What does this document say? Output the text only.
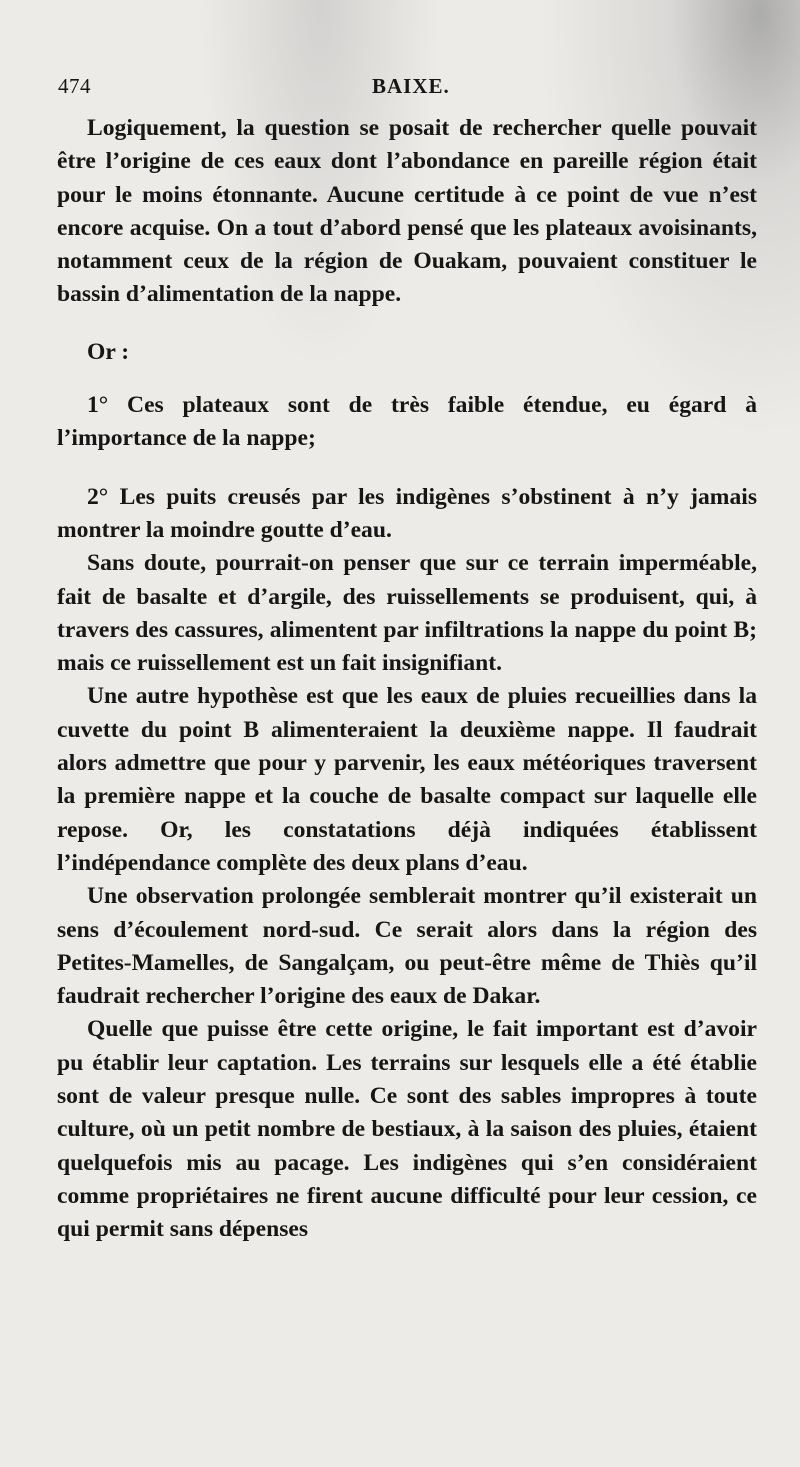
474	BAIXE.

Logiquement, la question se posait de rechercher quelle pouvait être l’origine de ces eaux dont l’abondance en pareille région était pour le moins étonnante. Aucune certitude à ce point de vue n’est encore acquise. On a tout d’abord pensé que les plateaux avoisinants, notamment ceux de la région de Ouakam, pouvaient constituer le bassin d’alimentation de la nappe.

Or :

1° Ces plateaux sont de très faible étendue, eu égard à l’importance de la nappe;

2° Les puits creusés par les indigènes s’obstinent à n’y jamais montrer la moindre goutte d’eau.

Sans doute, pourrait-on penser que sur ce terrain imperméable, fait de basalte et d’argile, des ruissellements se produisent, qui, à travers des cassures, alimentent par infiltrations la nappe du point B; mais ce ruissellement est un fait insignifiant.

Une autre hypothèse est que les eaux de pluies recueillies dans la cuvette du point B alimenteraient la deuxième nappe. Il faudrait alors admettre que pour y parvenir, les eaux météoriques traversent la première nappe et la couche de basalte compact sur laquelle elle repose. Or, les constatations déjà indiquées établissent l’indépendance complète des deux plans d’eau.

Une observation prolongée semblerait montrer qu’il existerait un sens d’écoulement nord-sud. Ce serait alors dans la région des Petites-Mamelles, de Sangalçam, ou peut-être même de Thiès qu’il faudrait rechercher l’origine des eaux de Dakar.

Quelle que puisse être cette origine, le fait important est d’avoir pu établir leur captation. Les terrains sur lesquels elle a été établie sont de valeur presque nulle. Ce sont des sables impropres à toute culture, où un petit nombre de bestiaux, à la saison des pluies, étaient quelquefois mis au pacage. Les indigènes qui s’en considéraient comme propriétaires ne firent aucune difficulté pour leur cession, ce qui permit sans dépenses
